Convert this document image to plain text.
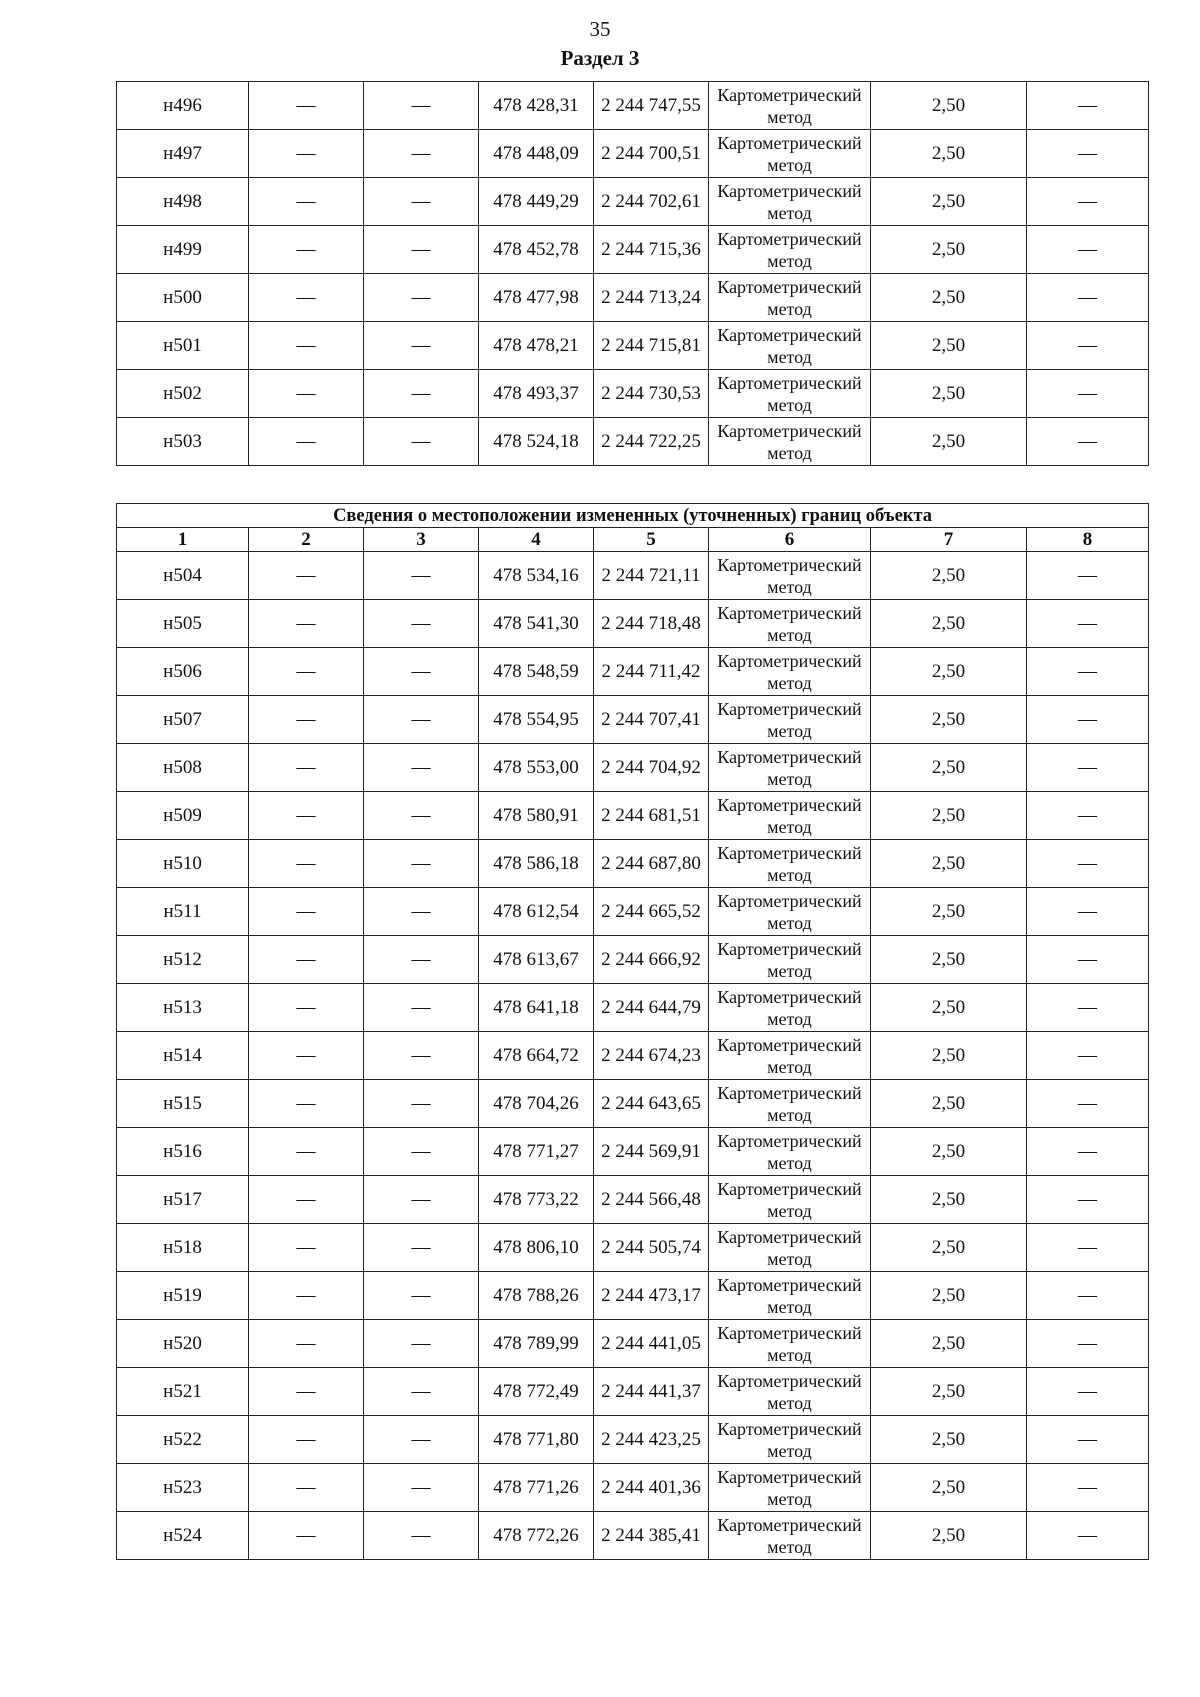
35
Раздел 3
н496	—	—	478 428,31	2 244 747,55	Картометрический метод	2,50	—
н497	—	—	478 448,09	2 244 700,51	Картометрический метод	2,50	—
н498	—	—	478 449,29	2 244 702,61	Картометрический метод	2,50	—
н499	—	—	478 452,78	2 244 715,36	Картометрический метод	2,50	—
н500	—	—	478 477,98	2 244 713,24	Картометрический метод	2,50	—
н501	—	—	478 478,21	2 244 715,81	Картометрический метод	2,50	—
н502	—	—	478 493,37	2 244 730,53	Картометрический метод	2,50	—
н503	—	—	478 524,18	2 244 722,25	Картометрический метод	2,50	—
Сведения о местоположении измененных (уточненных) границ объекта							
1	2	3	4	5	6	7	8
н504	—	—	478 534,16	2 244 721,11	Картометрический метод	2,50	—
н505	—	—	478 541,30	2 244 718,48	Картометрический метод	2,50	—
н506	—	—	478 548,59	2 244 711,42	Картометрический метод	2,50	—
н507	—	—	478 554,95	2 244 707,41	Картометрический метод	2,50	—
н508	—	—	478 553,00	2 244 704,92	Картометрический метод	2,50	—
н509	—	—	478 580,91	2 244 681,51	Картометрический метод	2,50	—
н510	—	—	478 586,18	2 244 687,80	Картометрический метод	2,50	—
н511	—	—	478 612,54	2 244 665,52	Картометрический метод	2,50	—
н512	—	—	478 613,67	2 244 666,92	Картометрический метод	2,50	—
н513	—	—	478 641,18	2 244 644,79	Картометрический метод	2,50	—
н514	—	—	478 664,72	2 244 674,23	Картометрический метод	2,50	—
н515	—	—	478 704,26	2 244 643,65	Картометрический метод	2,50	—
н516	—	—	478 771,27	2 244 569,91	Картометрический метод	2,50	—
н517	—	—	478 773,22	2 244 566,48	Картометрический метод	2,50	—
н518	—	—	478 806,10	2 244 505,74	Картометрический метод	2,50	—
н519	—	—	478 788,26	2 244 473,17	Картометрический метод	2,50	—
н520	—	—	478 789,99	2 244 441,05	Картометрический метод	2,50	—
н521	—	—	478 772,49	2 244 441,37	Картометрический метод	2,50	—
н522	—	—	478 771,80	2 244 423,25	Картометрический метод	2,50	—
н523	—	—	478 771,26	2 244 401,36	Картометрический метод	2,50	—
н524	—	—	478 772,26	2 244 385,41	Картометрический метод	2,50	—
